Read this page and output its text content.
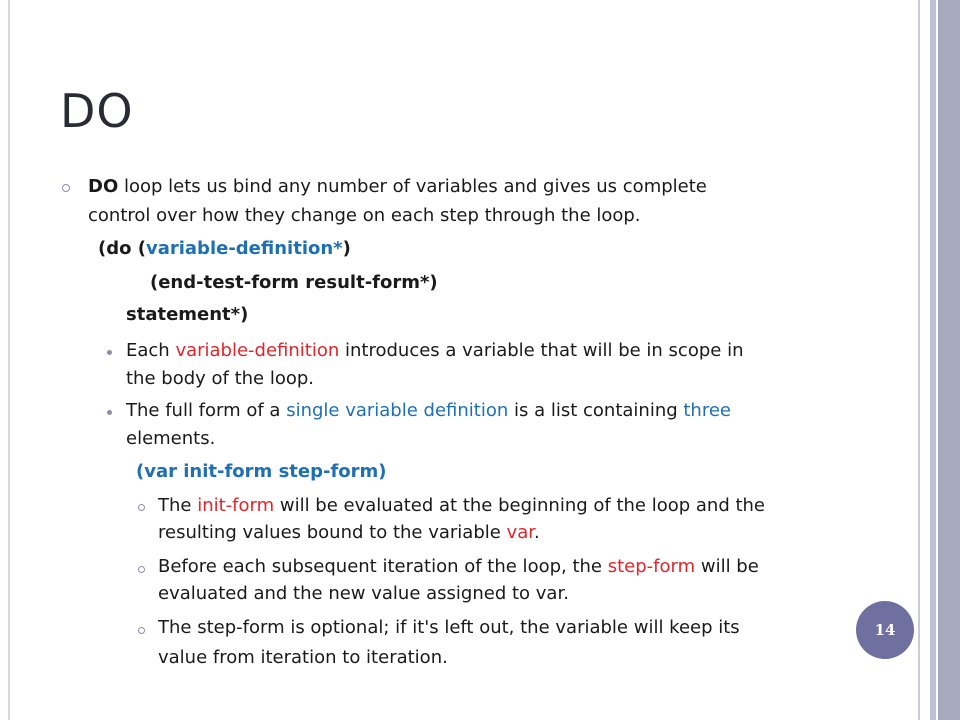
DO
DO loop lets us bind any number of variables and gives us complete
control over how they change on each step through the loop.
(do (variable-definition*)
(end-test-form result-form*)
statement*)
Each variable-definition introduces a variable that will be in scope in
the body of the loop.
The full form of a single variable definition is a list containing three
elements.
(var init-form step-form)
The init-form will be evaluated at the beginning of the loop and the
resulting values bound to the variable var.
Before each subsequent iteration of the loop, the step-form will be
evaluated and the new value assigned to var.
The step-form is optional; if it's left out, the variable will keep its
value from iteration to iteration.
14
